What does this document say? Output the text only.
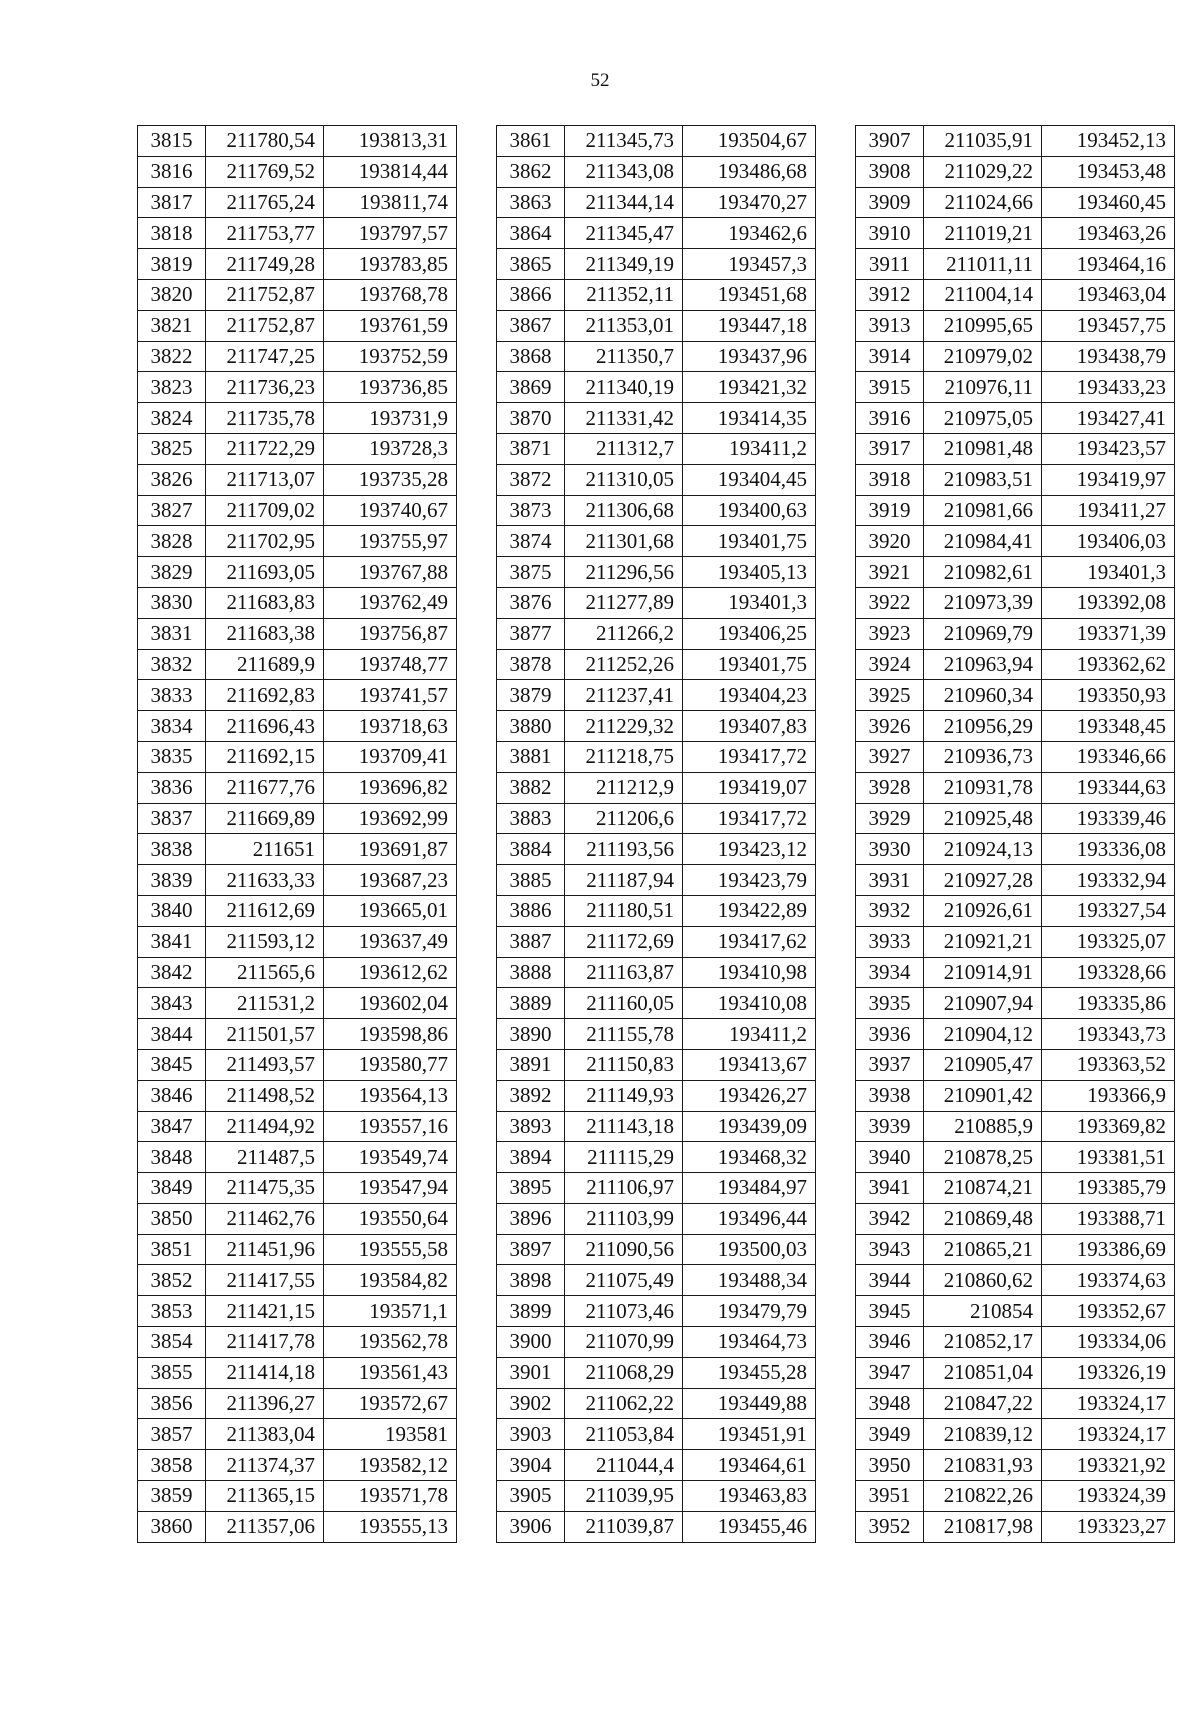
52
3815	211780,54	193813,31
3816	211769,52	193814,44
3817	211765,24	193811,74
3818	211753,77	193797,57
3819	211749,28	193783,85
3820	211752,87	193768,78
3821	211752,87	193761,59
3822	211747,25	193752,59
3823	211736,23	193736,85
3824	211735,78	193731,9
3825	211722,29	193728,3
3826	211713,07	193735,28
3827	211709,02	193740,67
3828	211702,95	193755,97
3829	211693,05	193767,88
3830	211683,83	193762,49
3831	211683,38	193756,87
3832	211689,9	193748,77
3833	211692,83	193741,57
3834	211696,43	193718,63
3835	211692,15	193709,41
3836	211677,76	193696,82
3837	211669,89	193692,99
3838	211651	193691,87
3839	211633,33	193687,23
3840	211612,69	193665,01
3841	211593,12	193637,49
3842	211565,6	193612,62
3843	211531,2	193602,04
3844	211501,57	193598,86
3845	211493,57	193580,77
3846	211498,52	193564,13
3847	211494,92	193557,16
3848	211487,5	193549,74
3849	211475,35	193547,94
3850	211462,76	193550,64
3851	211451,96	193555,58
3852	211417,55	193584,82
3853	211421,15	193571,1
3854	211417,78	193562,78
3855	211414,18	193561,43
3856	211396,27	193572,67
3857	211383,04	193581
3858	211374,37	193582,12
3859	211365,15	193571,78
3860	211357,06	193555,13
3861	211345,73	193504,67
3862	211343,08	193486,68
3863	211344,14	193470,27
3864	211345,47	193462,6
3865	211349,19	193457,3
3866	211352,11	193451,68
3867	211353,01	193447,18
3868	211350,7	193437,96
3869	211340,19	193421,32
3870	211331,42	193414,35
3871	211312,7	193411,2
3872	211310,05	193404,45
3873	211306,68	193400,63
3874	211301,68	193401,75
3875	211296,56	193405,13
3876	211277,89	193401,3
3877	211266,2	193406,25
3878	211252,26	193401,75
3879	211237,41	193404,23
3880	211229,32	193407,83
3881	211218,75	193417,72
3882	211212,9	193419,07
3883	211206,6	193417,72
3884	211193,56	193423,12
3885	211187,94	193423,79
3886	211180,51	193422,89
3887	211172,69	193417,62
3888	211163,87	193410,98
3889	211160,05	193410,08
3890	211155,78	193411,2
3891	211150,83	193413,67
3892	211149,93	193426,27
3893	211143,18	193439,09
3894	211115,29	193468,32
3895	211106,97	193484,97
3896	211103,99	193496,44
3897	211090,56	193500,03
3898	211075,49	193488,34
3899	211073,46	193479,79
3900	211070,99	193464,73
3901	211068,29	193455,28
3902	211062,22	193449,88
3903	211053,84	193451,91
3904	211044,4	193464,61
3905	211039,95	193463,83
3906	211039,87	193455,46
3907	211035,91	193452,13
3908	211029,22	193453,48
3909	211024,66	193460,45
3910	211019,21	193463,26
3911	211011,11	193464,16
3912	211004,14	193463,04
3913	210995,65	193457,75
3914	210979,02	193438,79
3915	210976,11	193433,23
3916	210975,05	193427,41
3917	210981,48	193423,57
3918	210983,51	193419,97
3919	210981,66	193411,27
3920	210984,41	193406,03
3921	210982,61	193401,3
3922	210973,39	193392,08
3923	210969,79	193371,39
3924	210963,94	193362,62
3925	210960,34	193350,93
3926	210956,29	193348,45
3927	210936,73	193346,66
3928	210931,78	193344,63
3929	210925,48	193339,46
3930	210924,13	193336,08
3931	210927,28	193332,94
3932	210926,61	193327,54
3933	210921,21	193325,07
3934	210914,91	193328,66
3935	210907,94	193335,86
3936	210904,12	193343,73
3937	210905,47	193363,52
3938	210901,42	193366,9
3939	210885,9	193369,82
3940	210878,25	193381,51
3941	210874,21	193385,79
3942	210869,48	193388,71
3943	210865,21	193386,69
3944	210860,62	193374,63
3945	210854	193352,67
3946	210852,17	193334,06
3947	210851,04	193326,19
3948	210847,22	193324,17
3949	210839,12	193324,17
3950	210831,93	193321,92
3951	210822,26	193324,39
3952	210817,98	193323,27
